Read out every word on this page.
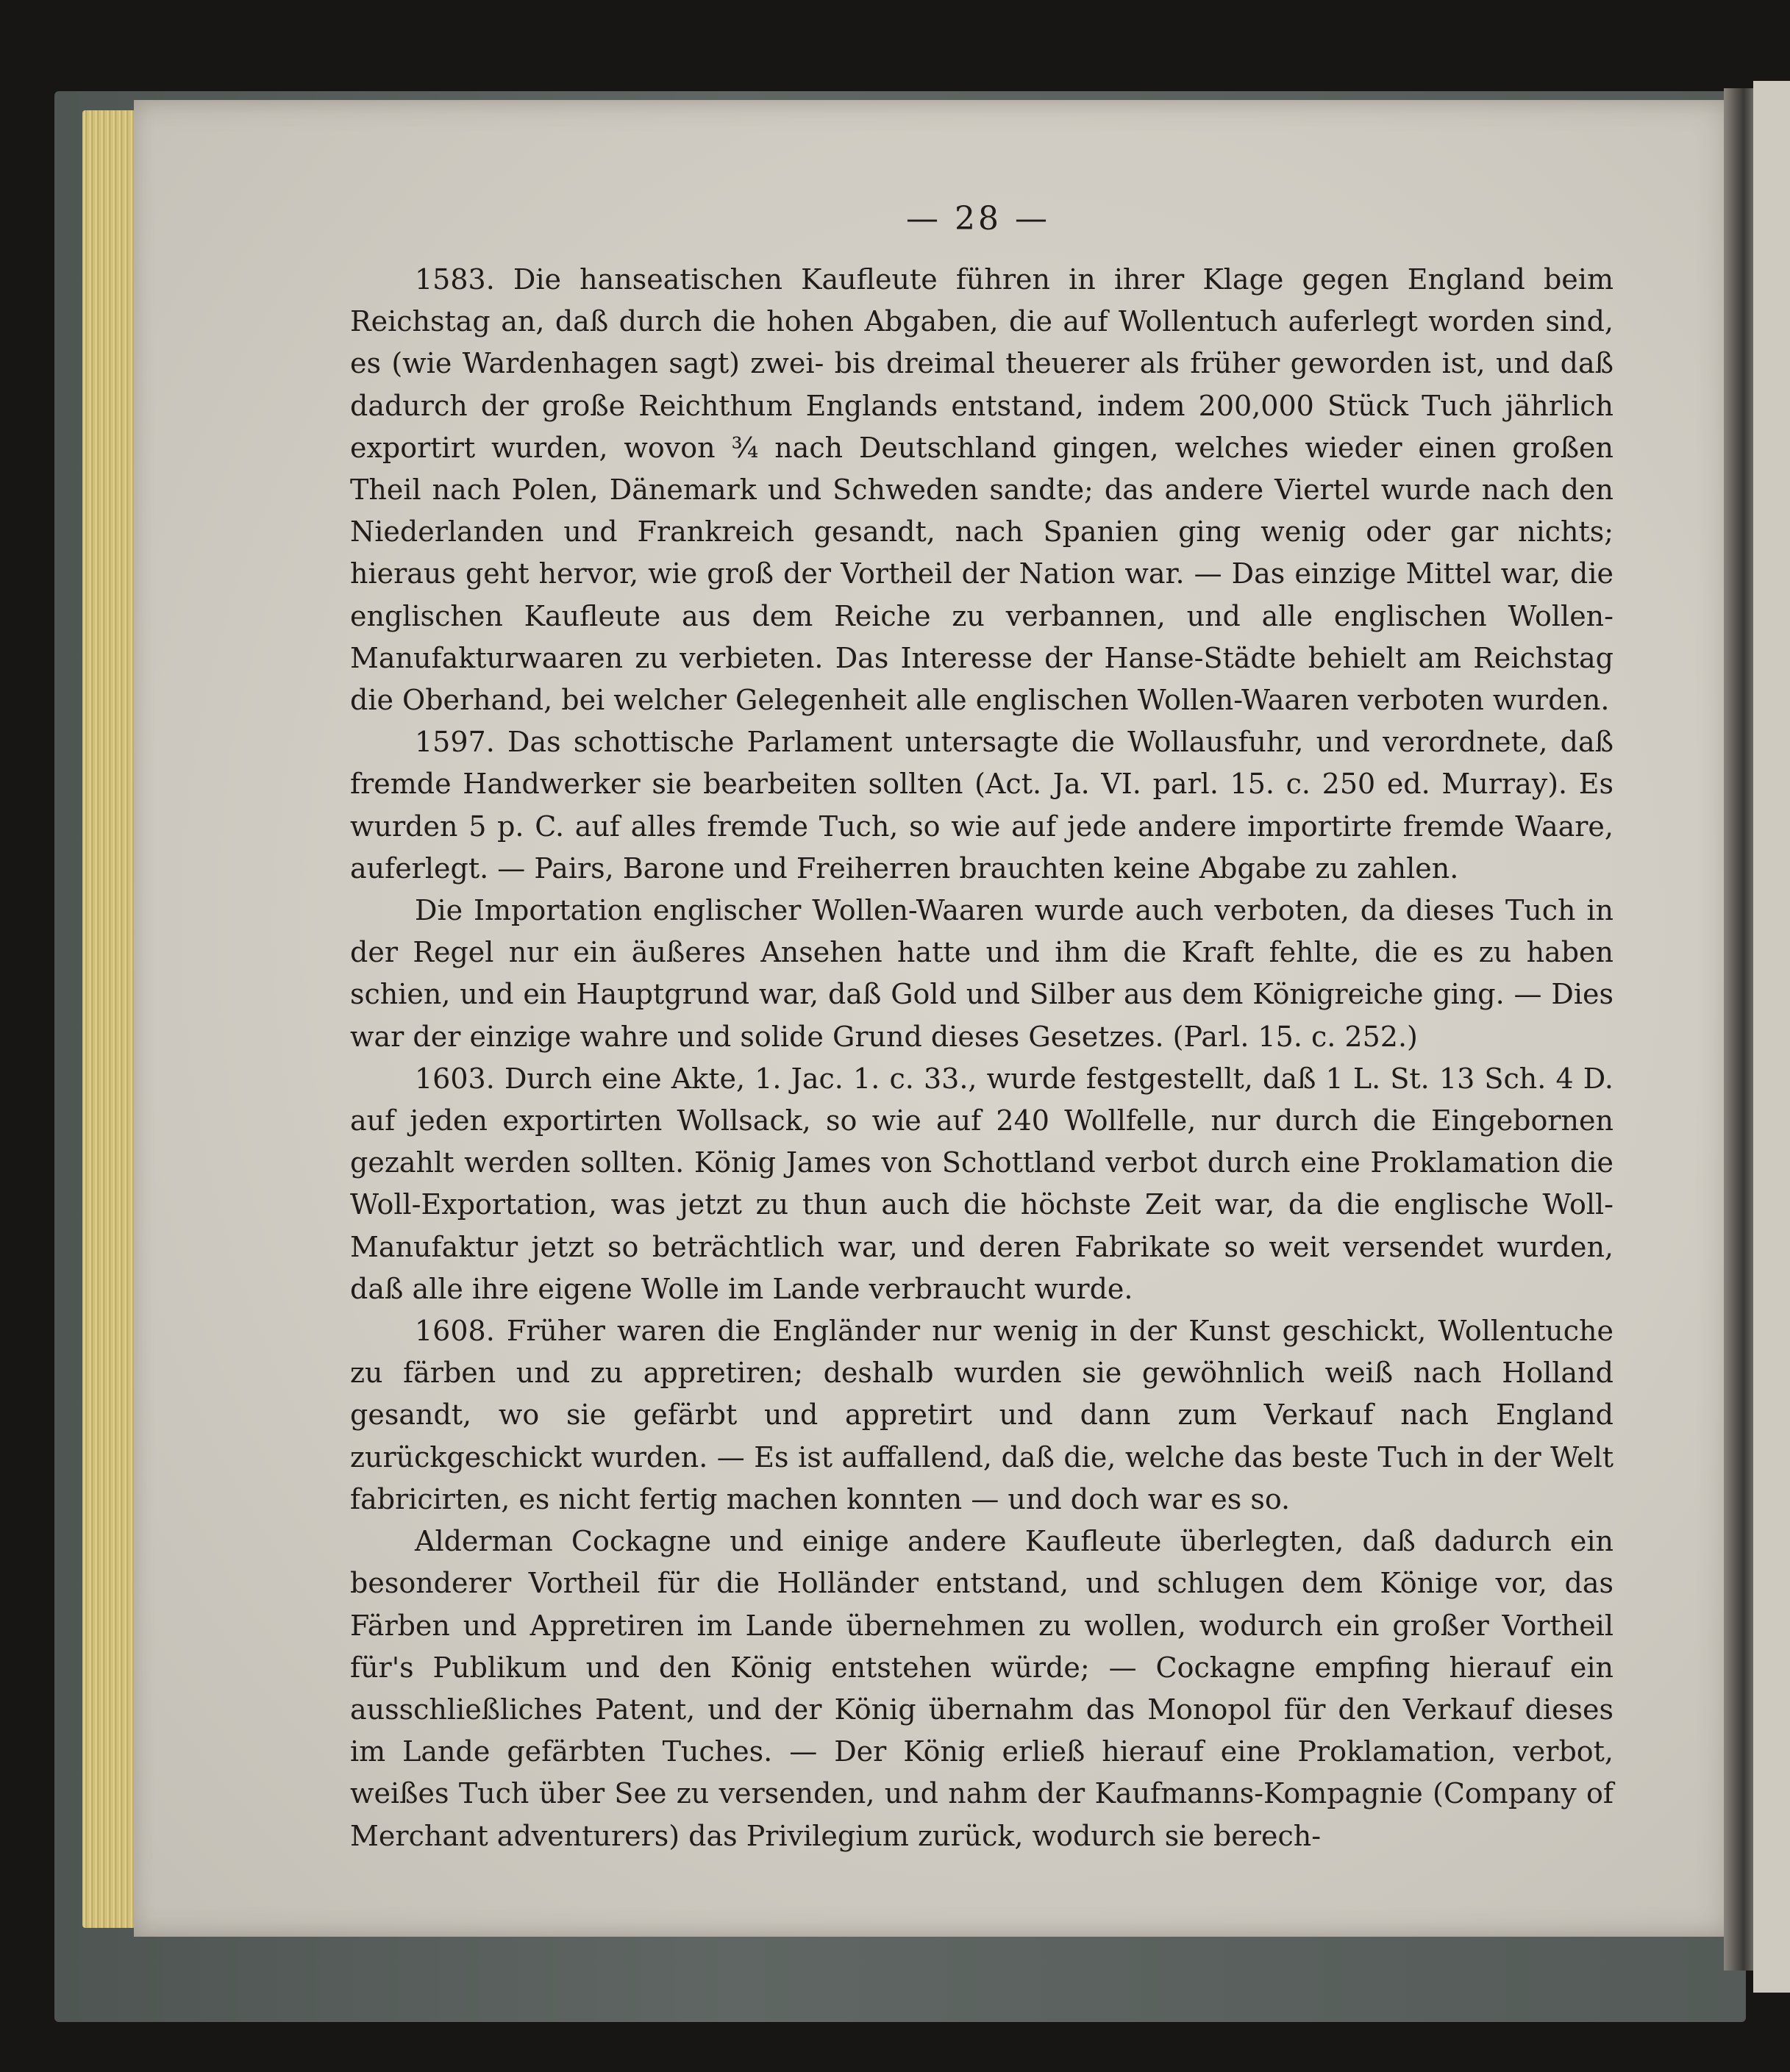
— 28 —

1583. Die hanseatischen Kaufleute führen in ihrer Klage gegen England beim Reichstag an, daß durch die hohen Abgaben, die auf Wollentuch auferlegt worden sind, es (wie Wardenhagen sagt) zwei- bis dreimal theuerer als früher geworden ist, und daß dadurch der große Reichthum Englands entstand, indem 200,000 Stück Tuch jährlich exportirt wurden, wovon ¾ nach Deutschland gingen, welches wieder einen großen Theil nach Polen, Dänemark und Schweden sandte; das andere Viertel wurde nach den Niederlanden und Frankreich gesandt, nach Spanien ging wenig oder gar nichts; hieraus geht hervor, wie groß der Vortheil der Nation war. — Das einzige Mittel war, die englischen Kaufleute aus dem Reiche zu verbannen, und alle englischen Wollen-Manufakturwaaren zu verbieten. Das Interesse der Hanse-Städte behielt am Reichstag die Oberhand, bei welcher Gelegenheit alle englischen Wollen-Waaren verboten wurden.

1597. Das schottische Parlament untersagte die Wollausfuhr, und verordnete, daß fremde Handwerker sie bearbeiten sollten (Act. Ja. VI. parl. 15. c. 250 ed. Murray). Es wurden 5 p. C. auf alles fremde Tuch, so wie auf jede andere importirte fremde Waare, auferlegt. — Pairs, Barone und Freiherren brauchten keine Abgabe zu zahlen.

Die Importation englischer Wollen-Waaren wurde auch verboten, da dieses Tuch in der Regel nur ein äußeres Ansehen hatte und ihm die Kraft fehlte, die es zu haben schien, und ein Hauptgrund war, daß Gold und Silber aus dem Königreiche ging. — Dies war der einzige wahre und solide Grund dieses Gesetzes. (Parl. 15. c. 252.)

1603. Durch eine Akte, 1. Jac. 1. c. 33., wurde festgestellt, daß 1 L. St. 13 Sch. 4 D. auf jeden exportirten Wollsack, so wie auf 240 Wollfelle, nur durch die Eingebornen gezahlt werden sollten. König James von Schottland verbot durch eine Proklamation die Woll-Exportation, was jetzt zu thun auch die höchste Zeit war, da die englische Woll-Manufaktur jetzt so beträchtlich war, und deren Fabrikate so weit versendet wurden, daß alle ihre eigene Wolle im Lande verbraucht wurde.

1608. Früher waren die Engländer nur wenig in der Kunst geschickt, Wollentuche zu färben und zu appretiren; deshalb wurden sie gewöhnlich weiß nach Holland gesandt, wo sie gefärbt und appretirt und dann zum Verkauf nach England zurückgeschickt wurden. — Es ist auffallend, daß die, welche das beste Tuch in der Welt fabricirten, es nicht fertig machen konnten — und doch war es so.

Alderman Cockagne und einige andere Kaufleute überlegten, daß dadurch ein besonderer Vortheil für die Holländer entstand, und schlugen dem Könige vor, das Färben und Appretiren im Lande übernehmen zu wollen, wodurch ein großer Vortheil für's Publikum und den König entstehen würde; — Cockagne empfing hierauf ein ausschließliches Patent, und der König übernahm das Monopol für den Verkauf dieses im Lande gefärbten Tuches. — Der König erließ hierauf eine Proklamation, verbot, weißes Tuch über See zu versenden, und nahm der Kaufmanns-Kompagnie (Company of Merchant adventurers) das Privilegium zurück, wodurch sie berech-
